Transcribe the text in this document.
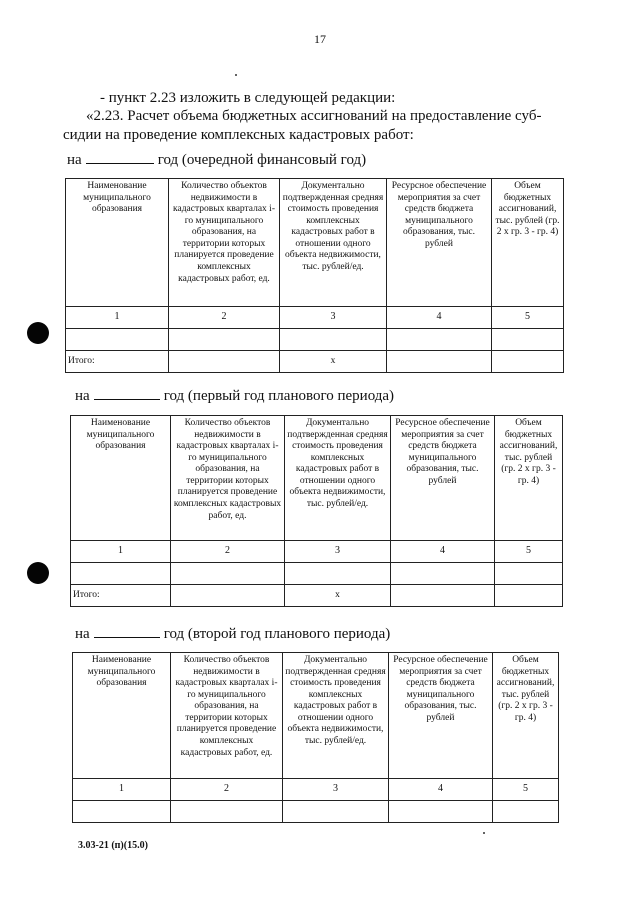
17
- пункт 2.23 изложить в следующей редакции:
«2.23. Расчет объема бюджетных ассигнований на предоставление суб-
сидии на проведение комплексных кадастровых работ:
на	год (очередной финансовый год)
Наименование муниципального образования	Количество объектов недвижимости в кадастровых кварталах i-го муниципального образования, на территории которых планируется проведение комплексных кадастровых работ, ед.	Документально подтвержденная средняя стоимость проведения комплексных кадастровых работ в отношении одного объекта недвижимости, тыс. рублей/ед.	Ресурсное обеспечение мероприятия за счет средств бюджета муниципального образования, тыс. рублей	Объем бюджетных ассигнований, тыс. рублей (гр. 2 x гр. 3 - гр. 4)
1	2	3	4	5

Итого:		x		
на	год (первый год планового периода)
Наименование муниципального образования	Количество объектов недвижимости в кадастровых кварталах i-го муниципального образования, на территории которых планируется проведение комплексных кадастровых работ, ед.	Документально подтвержденная средняя стоимость проведения комплексных кадастровых работ в отношении одного объекта недвижимости, тыс. рублей/ед.	Ресурсное обеспечение мероприятия за счет средств бюджета муниципального образования, тыс. рублей	Объем бюджетных ассигнований, тыс. рублей (гр. 2 x гр. 3 - гр. 4)
1	2	3	4	5

Итого:		x		
на	год (второй год планового периода)
Наименование муниципального образования	Количество объектов недвижимости в кадастровых кварталах i-го муниципального образования, на территории которых планируется проведение комплексных кадастровых работ, ед.	Документально подтвержденная средняя стоимость проведения комплексных кадастровых работ в отношении одного объекта недвижимости, тыс. рублей/ед.	Ресурсное обеспечение мероприятия за счет средств бюджета муниципального образования, тыс. рублей	Объем бюджетных ассигнований, тыс. рублей (гр. 2 x гр. 3 - гр. 4)
1	2	3	4	5

3.03-21 (п)(15.0)
